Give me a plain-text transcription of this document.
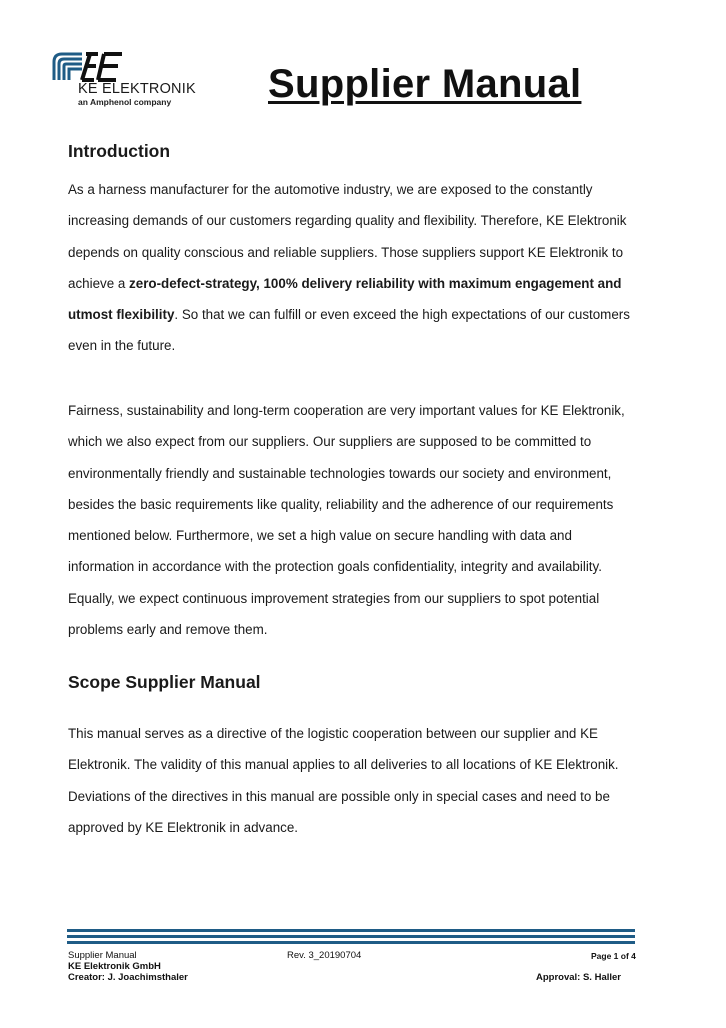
KE ELEKTRONIK
an Amphenol company Supplier Manual
Introduction

As a harness manufacturer for the automotive industry, we are exposed to the constantly increasing demands of our customers regarding quality and flexibility. Therefore, KE Elektronik depends on quality conscious and reliable suppliers. Those suppliers support KE Elektronik to achieve a zero-defect-strategy, 100% delivery reliability with maximum engagement and utmost flexibility. So that we can fulfill or even exceed the high expectations of our customers even in the future.

Fairness, sustainability and long-term cooperation are very important values for KE Elektronik, which we also expect from our suppliers. Our suppliers are supposed to be committed to environmentally friendly and sustainable technologies towards our society and environment, besides the basic requirements like quality, reliability and the adherence of our requirements mentioned below. Furthermore, we set a high value on secure handling with data and information in accordance with the protection goals confidentiality, integrity and availability. Equally, we expect continuous improvement strategies from our suppliers to spot potential problems early and remove them.

Scope Supplier Manual

This manual serves as a directive of the logistic cooperation between our supplier and KE Elektronik. The validity of this manual applies to all deliveries to all locations of KE Elektronik. Deviations of the directives in this manual are possible only in special cases and need to be approved by KE Elektronik in advance.

Supplier Manual	Rev. 3_20190704	Page 1 of 4
KE Elektronik GmbH
Creator: J. Joachimsthaler	Approval: S. Haller
